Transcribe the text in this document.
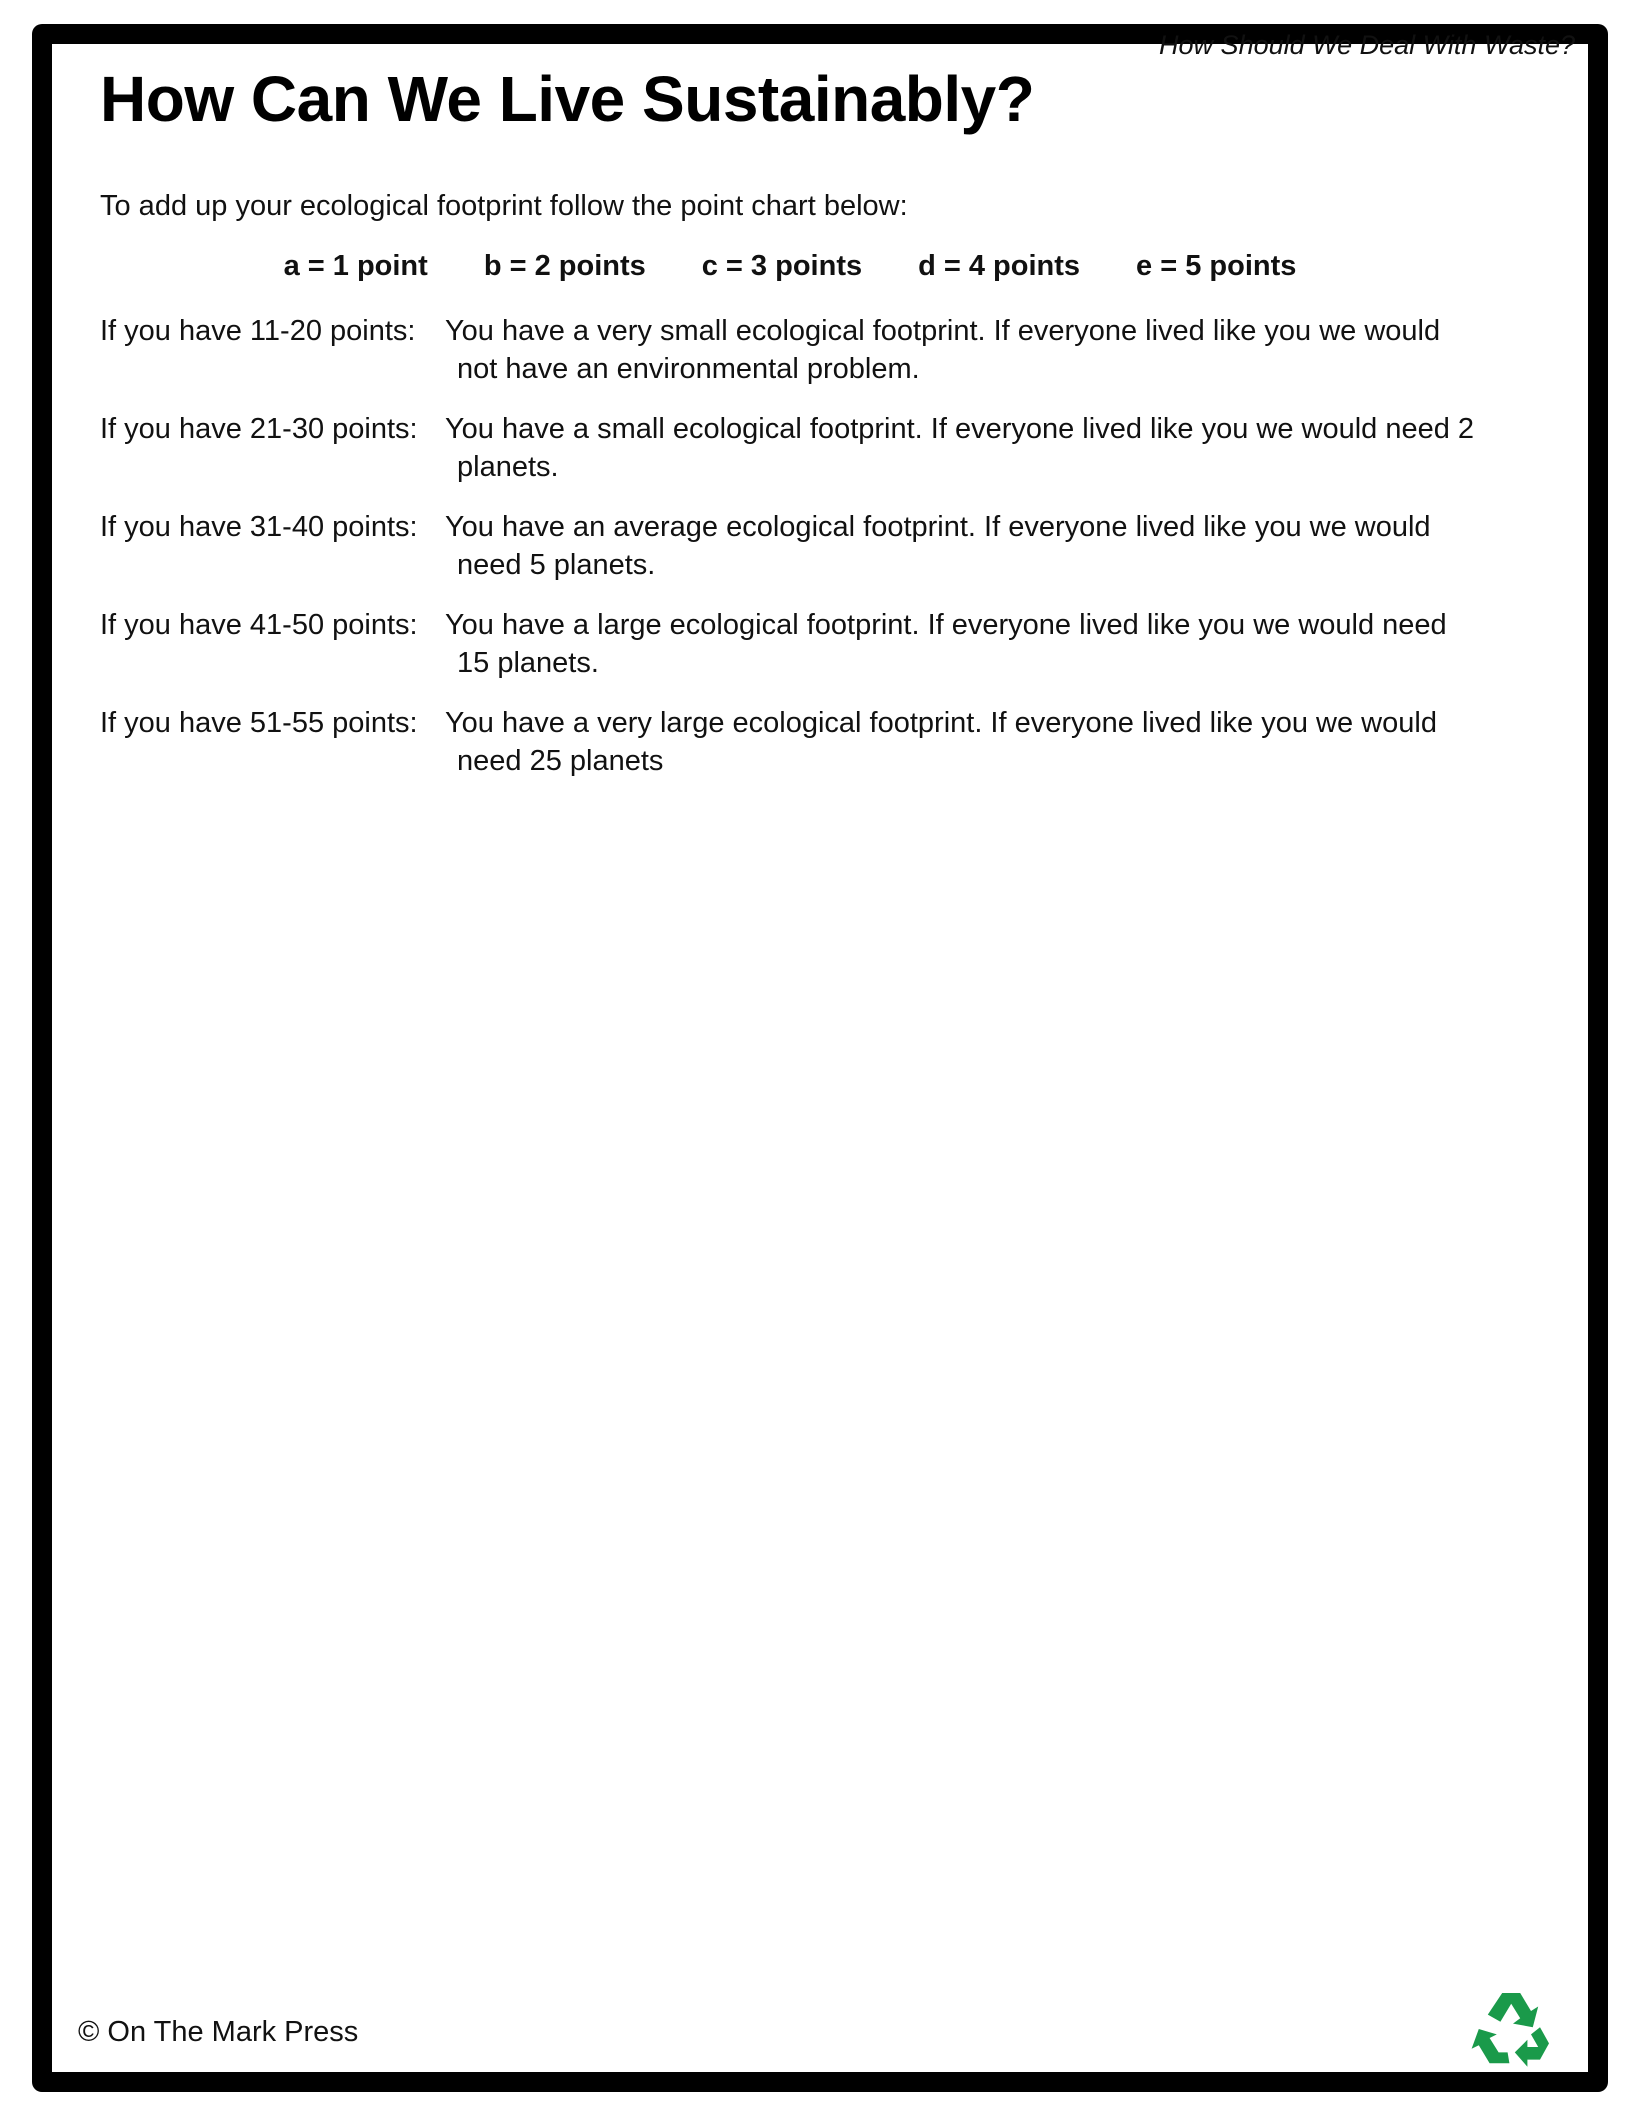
How Should We Deal With Waste?
How Can We Live Sustainably?
To add up your ecological footprint follow the point chart below:
a = 1 point b = 2 points c = 3 points d = 4 points e = 5 points
If you have 11-20 points:	You have a very small ecological footprint. If everyone lived like you we would not have an environmental problem.
If you have 21-30 points: You have a small ecological footprint. If everyone lived like you we would need 2 planets.
If you have 31-40 points: You have an average ecological footprint. If everyone lived like you we would need 5 planets.
If you have 41-50 points: You have a large ecological footprint. If everyone lived like you we would need 15 planets.
If you have 51-55 points: You have a very large ecological footprint. If everyone lived like you we would need 25 planets
© On The Mark Press
